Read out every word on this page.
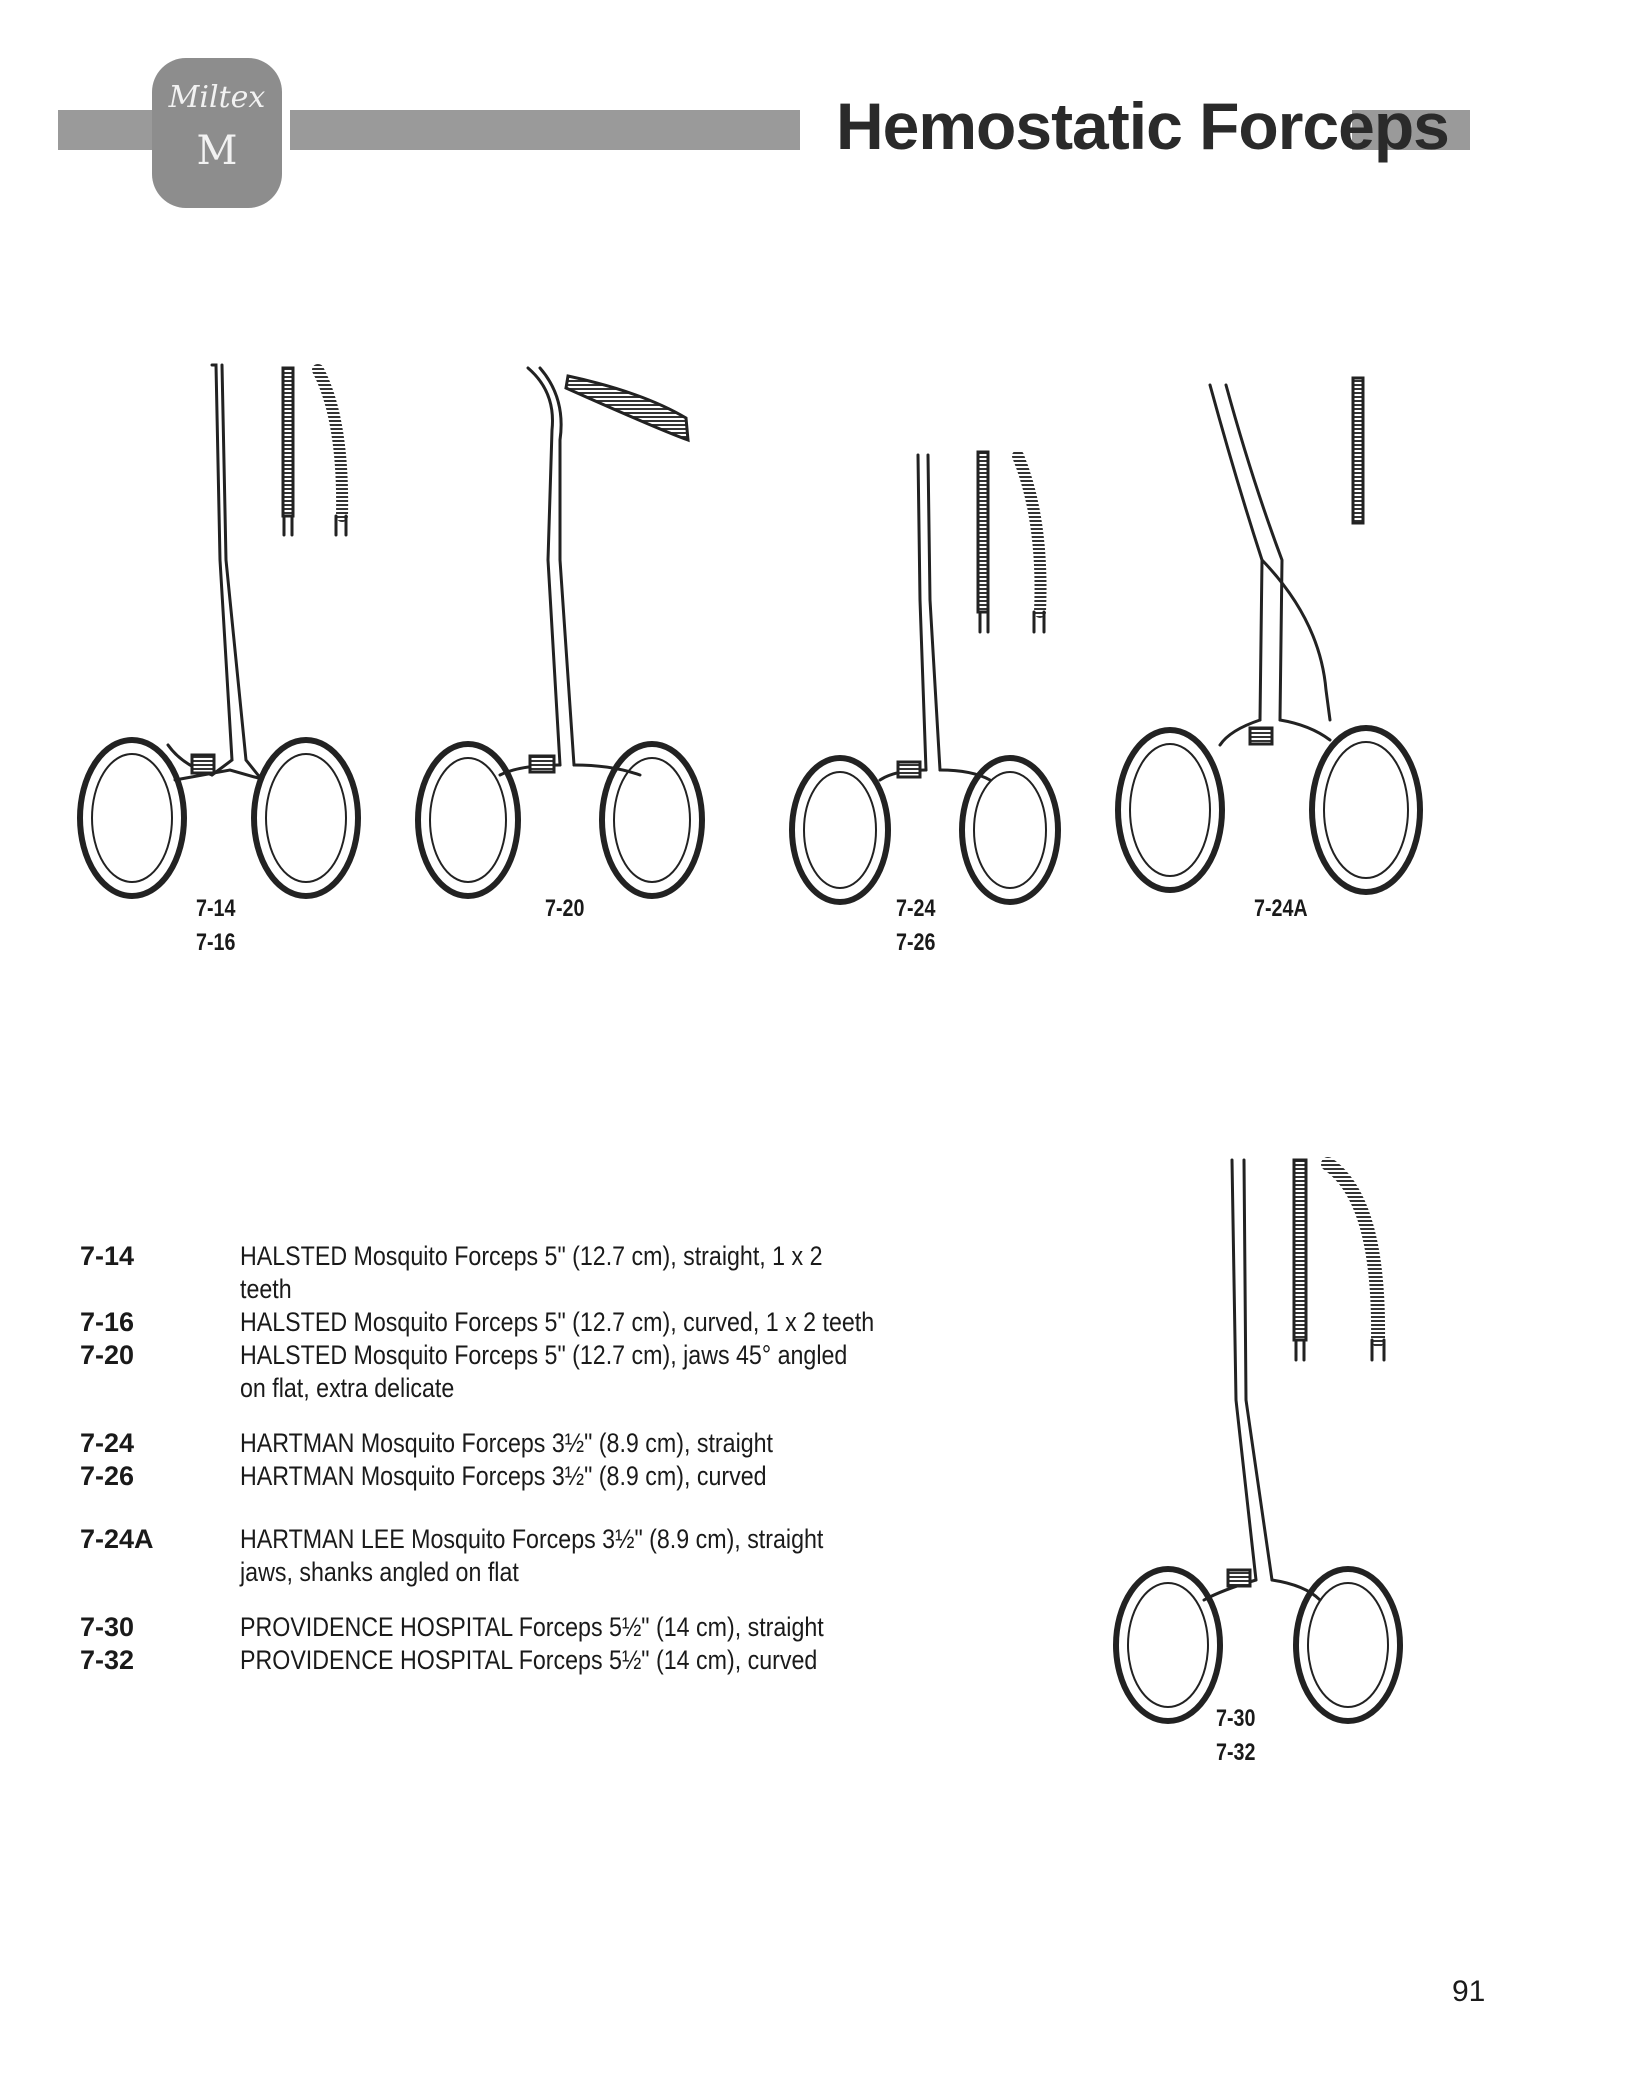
Miltex
M	Hemostatic Forceps
7-14
7-16
7-20	7-24
7-26
7-24A
7-30
7-32
7-14	HALSTED Mosquito Forceps 5" (12.7 cm), straight, 1 x 2 teeth
7-16	HALSTED Mosquito Forceps 5" (12.7 cm), curved, 1 x 2 teeth
7-20	HALSTED Mosquito Forceps 5" (12.7 cm), jaws 45° angled on flat, extra delicate
7-24	HARTMAN Mosquito Forceps 3½" (8.9 cm), straight
7-26	HARTMAN Mosquito Forceps 3½" (8.9 cm), curved
7-24A	HARTMAN LEE Mosquito Forceps 3½" (8.9 cm), straight jaws, shanks angled on flat
7-30	PROVIDENCE HOSPITAL Forceps 5½" (14 cm), straight
7-32	PROVIDENCE HOSPITAL Forceps 5½" (14 cm), curved
91
